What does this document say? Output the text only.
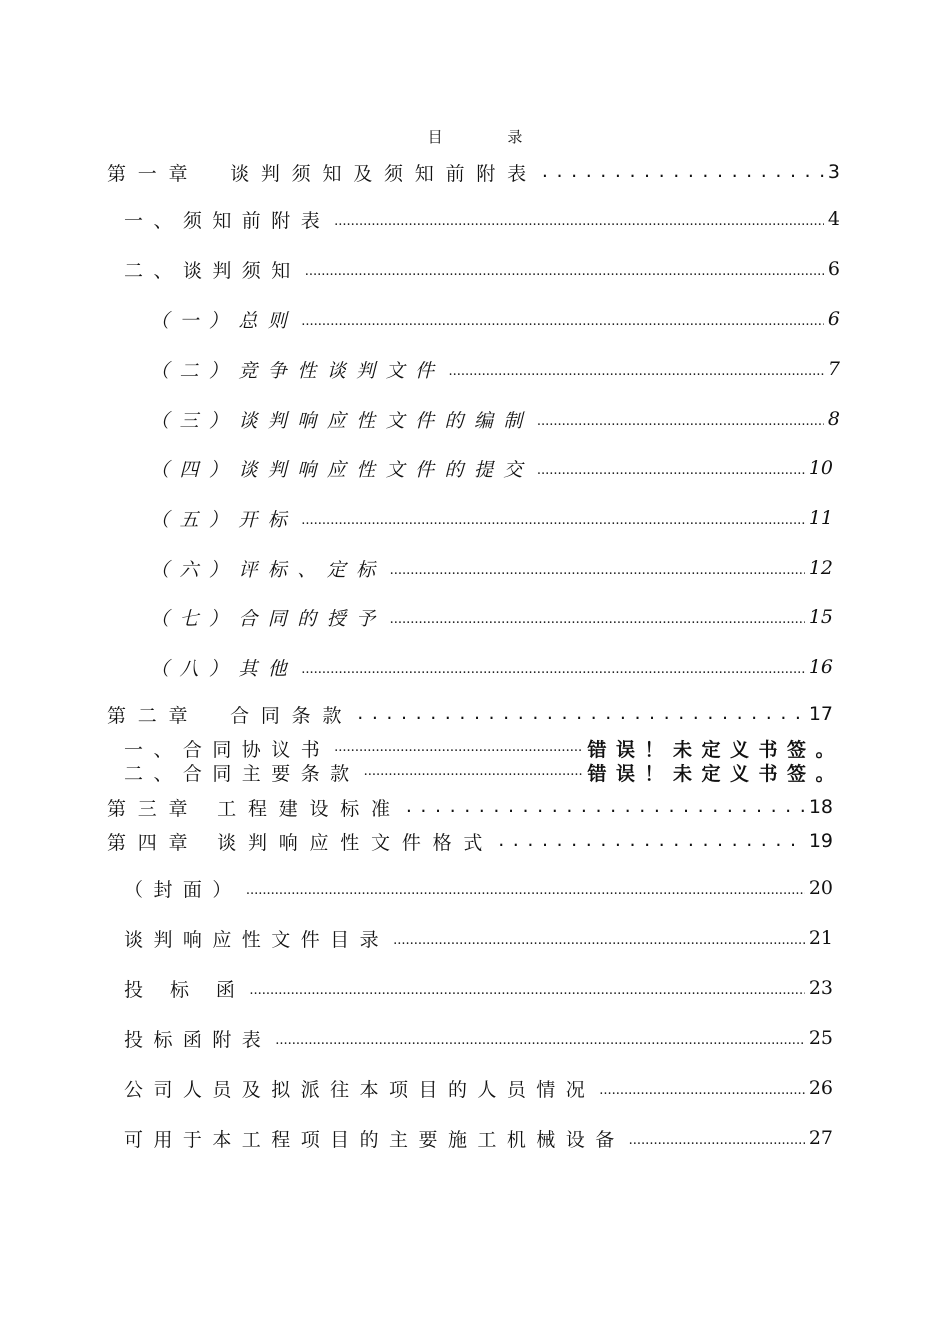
目 录
第一章　谈判须知及须知前附表 .....	3
一、须知前附表 .....	4
二、谈判须知 .....	6
（一）总则 .....	6
（二）竞争性谈判文件 .....	7
（三）谈判响应性文件的编制 .....	8
（四）谈判响应性文件的提交 .....	10
（五）开标 .....	11
（六）评标、定标 .....	12
（七）合同的授予 .....	15
（八）其他 .....	16
第二章　合同条款 .....	17
一、合同协议书 .....	错误！未定义书签。
二、合同主要条款 .....	错误！未定义书签。
第三章 工程建设标准 .....	18
第四章 谈判响应性文件格式 .....	19
（封面） .....	20
谈判响应性文件目录 .....	21
投 标 函 .....	23
投标函附表 .....	25
公司人员及拟派往本项目的人员情况 .....	26
可用于本工程项目的主要施工机械设备 .....	27
